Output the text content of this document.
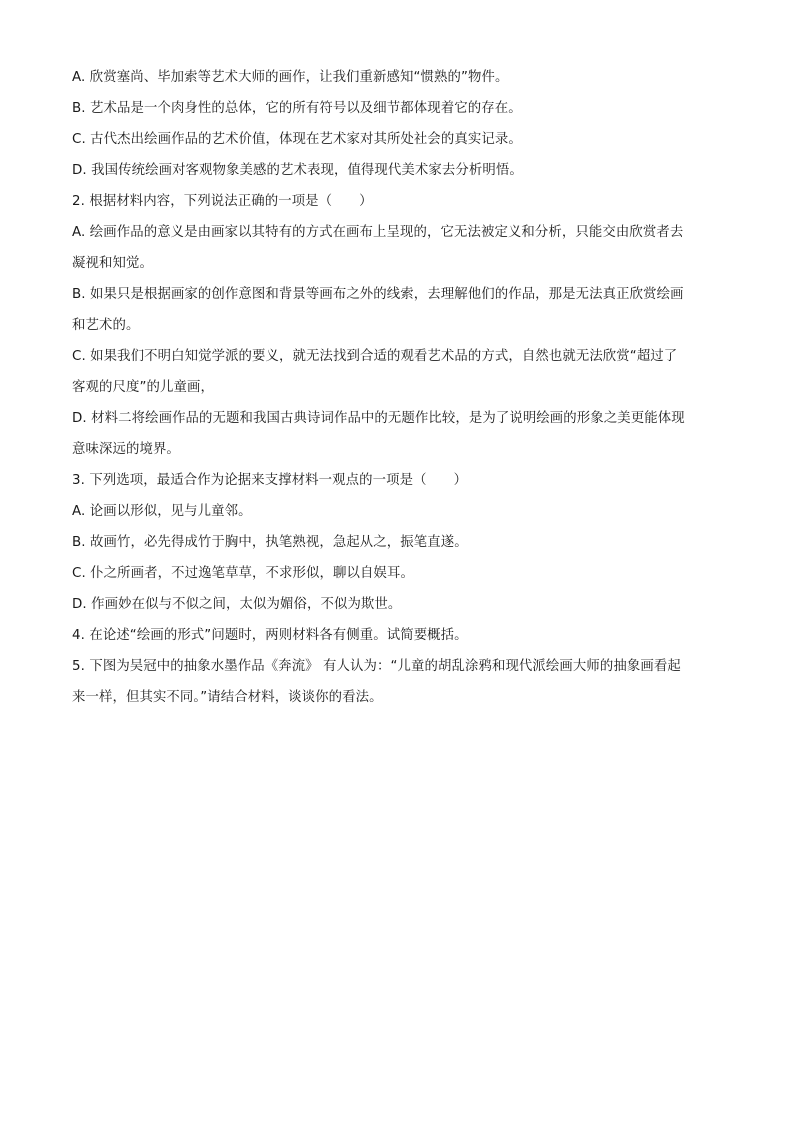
A. 欣赏塞尚、毕加索等艺术大师的画作，让我们重新感知“惯熟的”物件。
B. 艺术品是一个肉身性的总体，它的所有符号以及细节都体现着它的存在。
C. 古代杰出绘画作品的艺术价值，体现在艺术家对其所处社会的真实记录。
D. 我国传统绘画对客观物象美感的艺术表现，值得现代美术家去分析明悟。
2. 根据材料内容，下列说法正确的一项是（　　）
A. 绘画作品的意义是由画家以其特有的方式在画布上呈现的，它无法被定义和分析，只能交由欣赏者去
凝视和知觉。
B. 如果只是根据画家的创作意图和背景等画布之外的线索，去理解他们的作品，那是无法真正欣赏绘画
和艺术的。
C. 如果我们不明白知觉学派的要义，就无法找到合适的观看艺术品的方式，自然也就无法欣赏“超过了
客观的尺度”的儿童画，
D. 材料二将绘画作品的无题和我国古典诗词作品中的无题作比较，是为了说明绘画的形象之美更能体现
意味深远的境界。
3. 下列选项，最适合作为论据来支撑材料一观点的一项是（　　）
A. 论画以形似，见与儿童邻。
B. 故画竹，必先得成竹于胸中，执笔熟视，急起从之，振笔直遂。
C. 仆之所画者，不过逸笔草草，不求形似，聊以自娱耳。
D. 作画妙在似与不似之间，太似为媚俗，不似为欺世。
4. 在论述“绘画的形式”问题时，两则材料各有侧重。试简要概括。
5. 下图为吴冠中的抽象水墨作品《奔流》 有人认为：“儿童的胡乱涂鸦和现代派绘画大师的抽象画看起
来一样，但其实不同。”请结合材料，谈谈你的看法。
